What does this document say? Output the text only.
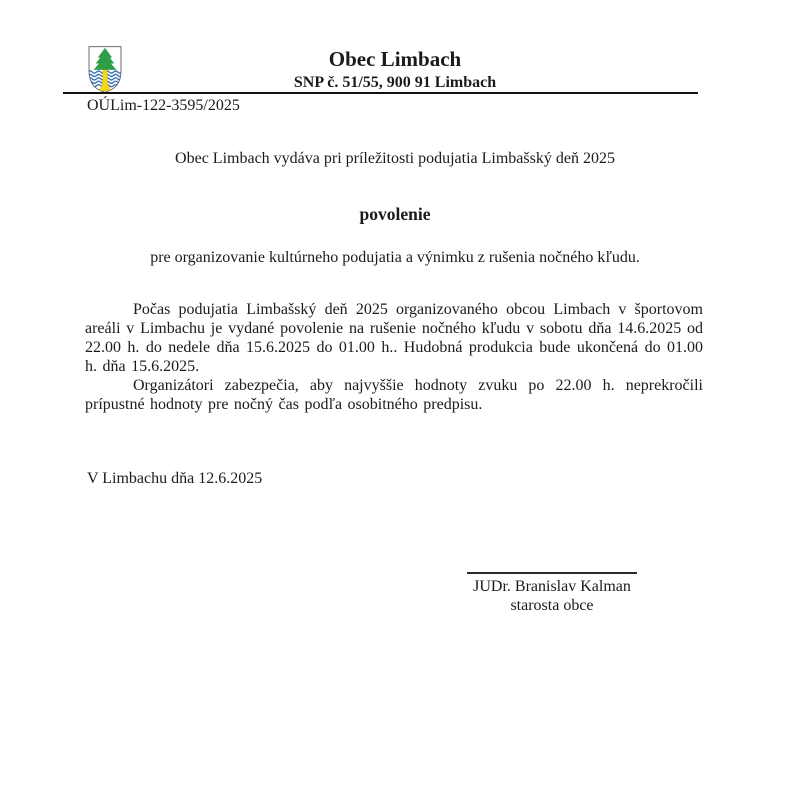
Obec Limbach
SNP č. 51/55, 900 91 Limbach
OÚLim-122-3595/2025
Obec Limbach vydáva pri príležitosti podujatia Limbašský deň 2025
povolenie
pre organizovanie kultúrneho podujatia a výnimku z rušenia nočného kľudu.

Počas podujatia Limbašský deň 2025 organizovaného obcou Limbach v športovom areáli v Limbachu je vydané povolenie na rušenie nočného kľudu v sobotu dňa 14.6.2025 od 22.00 h. do nedele dňa 15.6.2025 do 01.00 h.. Hudobná produkcia bude ukončená do 01.00 h. dňa 15.6.2025.

Organizátori zabezpečia, aby najvyššie hodnoty zvuku po 22.00 h. neprekročili prípustné hodnoty pre nočný čas podľa osobitného predpisu.

V Limbachu dňa 12.6.2025
JUDr. Branislav Kalman
starosta obce
